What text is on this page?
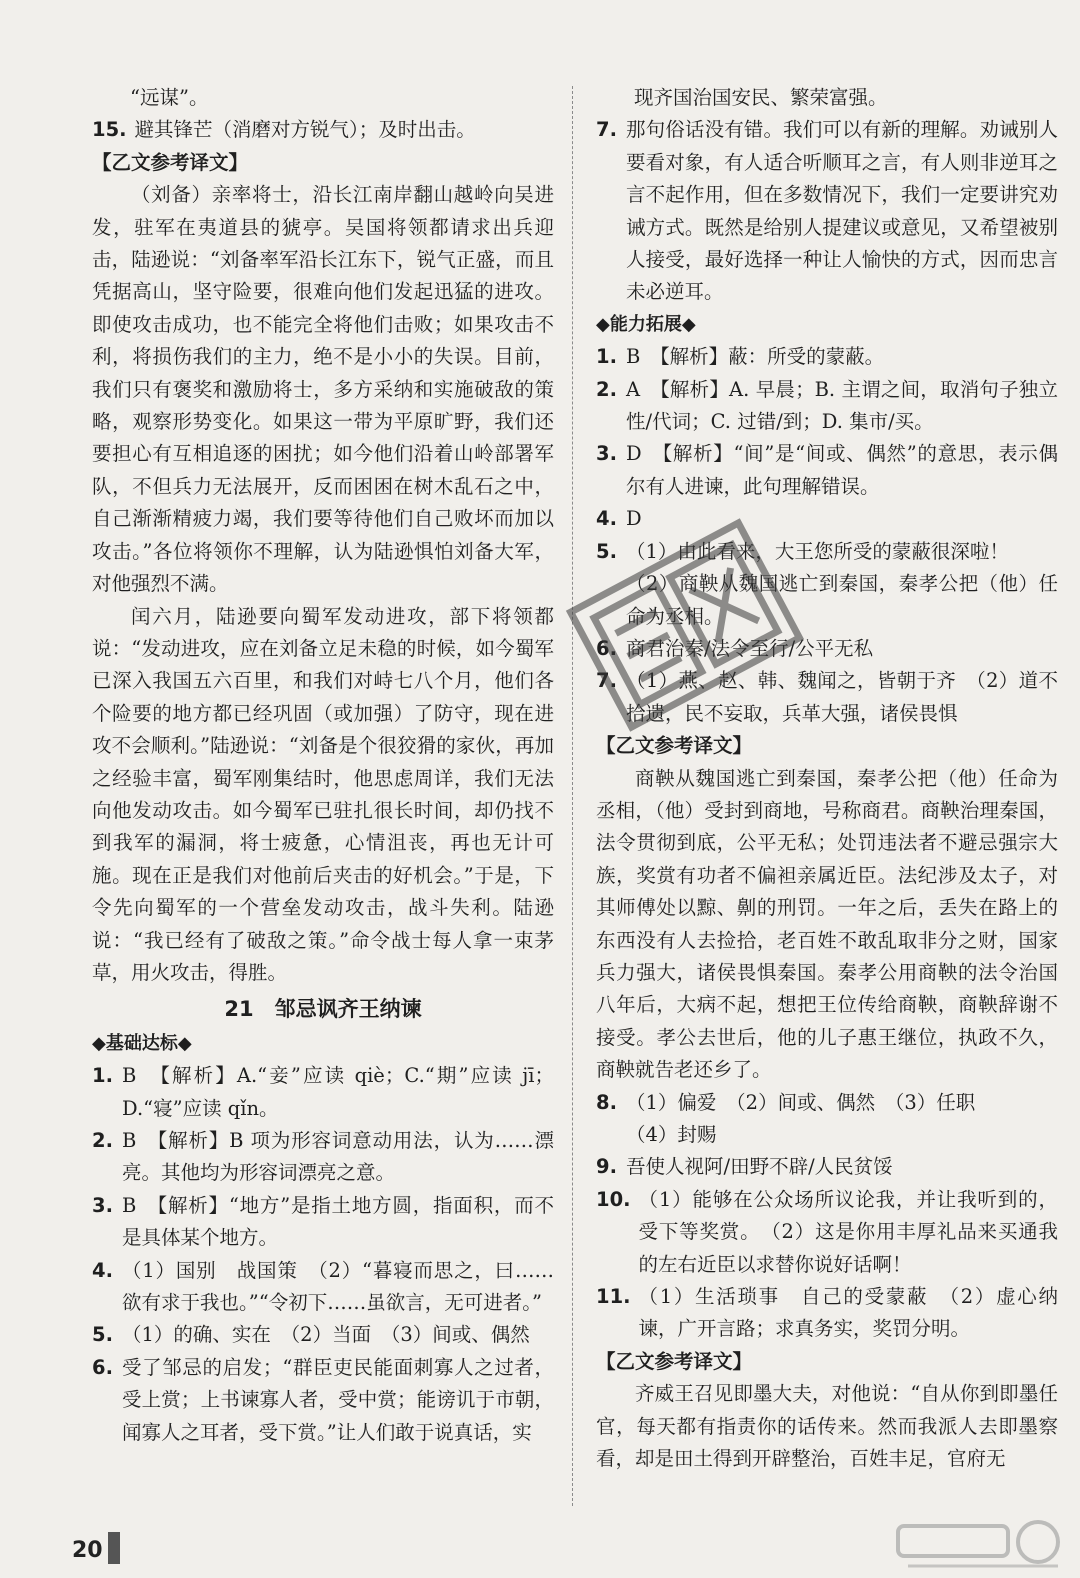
“远谋”。
15. 避其锋芒（消磨对方锐气）；及时出击。
【乙文参考译文】
（刘备）亲率将士，沿长江南岸翻山越岭向吴进发，驻军在夷道县的猇亭。吴国将领都请求出兵迎击，陆逊说：“刘备率军沿长江东下，锐气正盛，而且凭据高山，坚守险要，很难向他们发起迅猛的进攻。即使攻击成功，也不能完全将他们击败；如果攻击不利，将损伤我们的主力，绝不是小小的失误。目前，我们只有褒奖和激励将士，多方采纳和实施破敌的策略，观察形势变化。如果这一带为平原旷野，我们还要担心有互相追逐的困扰；如今他们沿着山岭部署军队，不但兵力无法展开，反而困困在树木乱石之中，自己渐渐精疲力竭，我们要等待他们自己败坏而加以攻击。”各位将领你不理解，认为陆逊惧怕刘备大军，对他强烈不满。
闰六月，陆逊要向蜀军发动进攻，部下将领都说：“发动进攻，应在刘备立足未稳的时候，如今蜀军已深入我国五六百里，和我们对峙七八个月，他们各个险要的地方都已经巩固（或加强）了防守，现在进攻不会顺利。”陆逊说：“刘备是个很狡猾的家伙，再加之经验丰富，蜀军刚集结时，他思虑周详，我们无法向他发动攻击。如今蜀军已驻扎很长时间，却仍找不到我军的漏洞，将士疲惫，心情沮丧，再也无计可施。现在正是我们对他前后夹击的好机会。”于是，下令先向蜀军的一个营垒发动攻击，战斗失利。陆逊说：“我已经有了破敌之策。”命令战士每人拿一束茅草，用火攻击，得胜。
21　邹忌讽齐王纳谏
◆基础达标◆
1. B　【解析】A.“妾”应读 qiè；C.“期”应读 jī；D.“寝”应读 qǐn。
2. B　【解析】B 项为形容词意动用法，认为……漂亮。其他均为形容词漂亮之意。
3. B　【解析】“地方”是指土地方圆，指面积，而不是具体某个地方。
4. （1）国别　战国策　（2）“暮寝而思之，曰……欲有求于我也。”“令初下……虽欲言，无可进者。”
5. （1）的确、实在　（2）当面　（3）间或、偶然
6. 受了邹忌的启发；“群臣吏民能面刺寡人之过者，受上赏；上书谏寡人者，受中赏；能谤讥于市朝，闻寡人之耳者，受下赏。”让人们敢于说真话，实
现齐国治国安民、繁荣富强。
7. 那句俗话没有错。我们可以有新的理解。劝诫别人要看对象，有人适合听顺耳之言，有人则非逆耳之言不起作用，但在多数情况下，我们一定要讲究劝诫方式。既然是给别人提建议或意见，又希望被别人接受，最好选择一种让人愉快的方式，因而忠言未必逆耳。
◆能力拓展◆
1. B　【解析】蔽：所受的蒙蔽。
2. A　【解析】A. 早晨；B. 主谓之间，取消句子独立性/代词；C. 过错/到；D. 集市/买。
3. D　【解析】“间”是“间或、偶然”的意思，表示偶尔有人进谏，此句理解错误。
4. D
5. （1）由此看来，大王您所受的蒙蔽很深啦！
（2）商鞅从魏国逃亡到秦国，秦孝公把（他）任命为丞相。
6. 商君治秦/法令至行/公平无私
7. （1）燕、赵、韩、魏闻之，皆朝于齐　（2）道不拾遗，民不妄取，兵革大强，诸侯畏惧
【乙文参考译文】
商鞅从魏国逃亡到秦国，秦孝公把（他）任命为丞相，（他）受封到商地，号称商君。商鞅治理秦国，法令贯彻到底，公平无私；处罚违法者不避忌强宗大族，奖赏有功者不偏袒亲属近臣。法纪涉及太子，对其师傅处以黥、劓的刑罚。一年之后，丢失在路上的东西没有人去捡拾，老百姓不敢乱取非分之财，国家兵力强大，诸侯畏惧秦国。秦孝公用商鞅的法令治国八年后，大病不起，想把王位传给商鞅，商鞅辞谢不接受。孝公去世后，他的儿子惠王继位，执政不久，商鞅就告老还乡了。
8. （1）偏爱　（2）间或、偶然　（3）任职
（4）封赐
9. 吾使人视阿/田野不辟/人民贫馁
10. （1）能够在公众场所议论我，并让我听到的，受下等奖赏。　（2）这是你用丰厚礼品来买通我的左右近臣以求替你说好话啊！
11. （1）生活琐事　自己的受蒙蔽　（2）虚心纳谏，广开言路；求真务实，奖罚分明。
【乙文参考译文】
齐威王召见即墨大夫，对他说：“自从你到即墨任官，每天都有指责你的话传来。然而我派人去即墨察看，却是田土得到开辟整治，百姓丰足，官府无
20
